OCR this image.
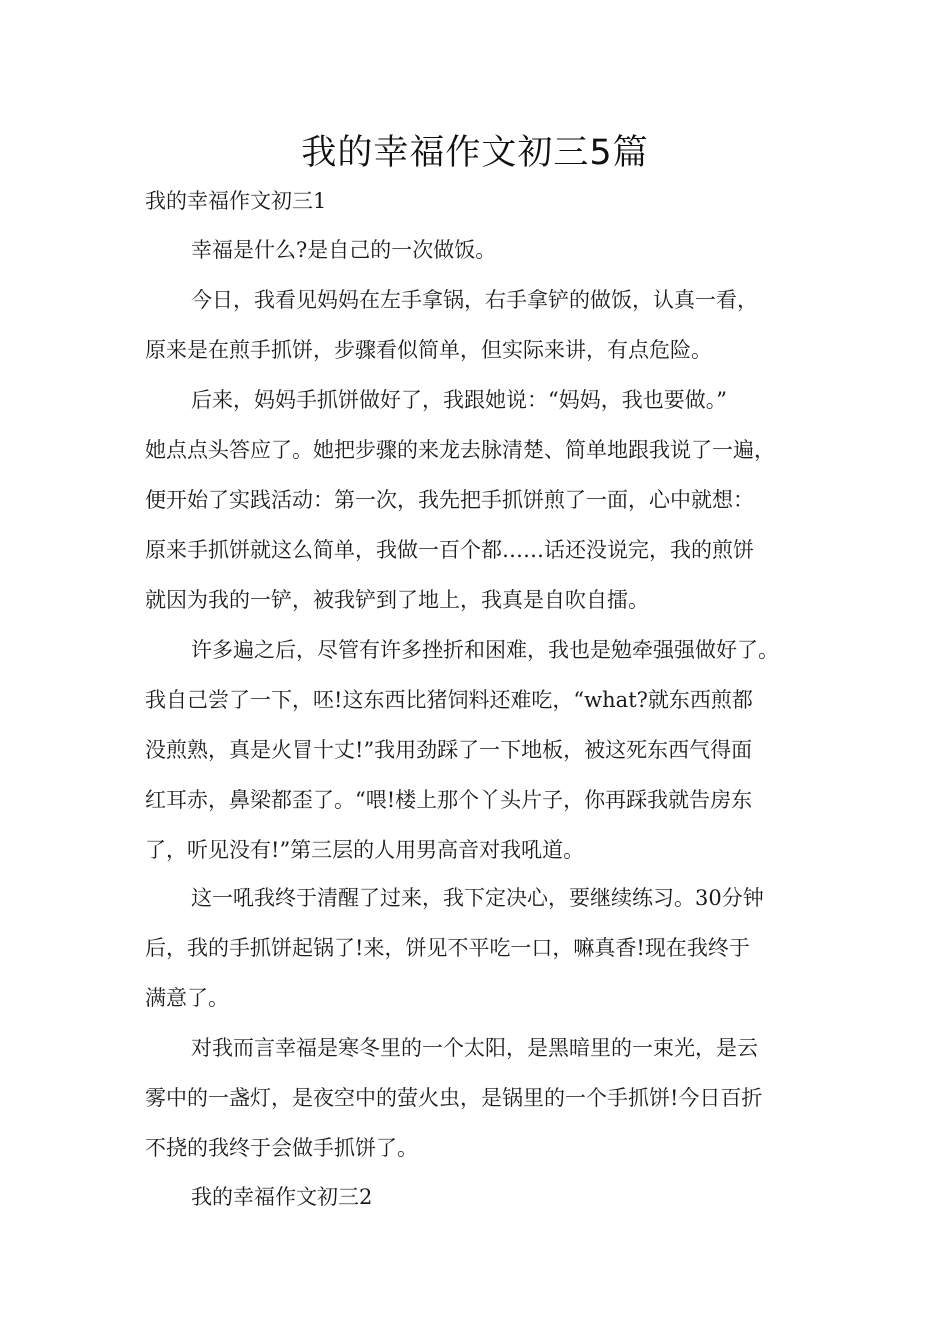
我的幸福作文初三5篇
我的幸福作文初三1
幸福是什么?是自己的一次做饭。
今日，我看见妈妈在左手拿锅，右手拿铲的做饭，认真一看，
原来是在煎手抓饼，步骤看似简单，但实际来讲，有点危险。
后来，妈妈手抓饼做好了，我跟她说：“妈妈，我也要做。”
她点点头答应了。她把步骤的来龙去脉清楚、简单地跟我说了一遍，
便开始了实践活动：第一次，我先把手抓饼煎了一面，心中就想：
原来手抓饼就这么简单，我做一百个都……话还没说完，我的煎饼
就因为我的一铲，被我铲到了地上，我真是自吹自擂。
许多遍之后，尽管有许多挫折和困难，我也是勉牵强强做好了。
我自己尝了一下，呸!这东西比猪饲料还难吃，“what?就东西煎都
没煎熟，真是火冒十丈!”我用劲踩了一下地板，被这死东西气得面
红耳赤，鼻梁都歪了。“喂!楼上那个丫头片子，你再踩我就告房东
了，听见没有!”第三层的人用男高音对我吼道。
这一吼我终于清醒了过来，我下定决心，要继续练习。30分钟
后，我的手抓饼起锅了!来，饼见不平吃一口，嘛真香!现在我终于
满意了。
对我而言幸福是寒冬里的一个太阳，是黑暗里的一束光，是云
雾中的一盏灯，是夜空中的萤火虫，是锅里的一个手抓饼!今日百折
不挠的我终于会做手抓饼了。
我的幸福作文初三2
